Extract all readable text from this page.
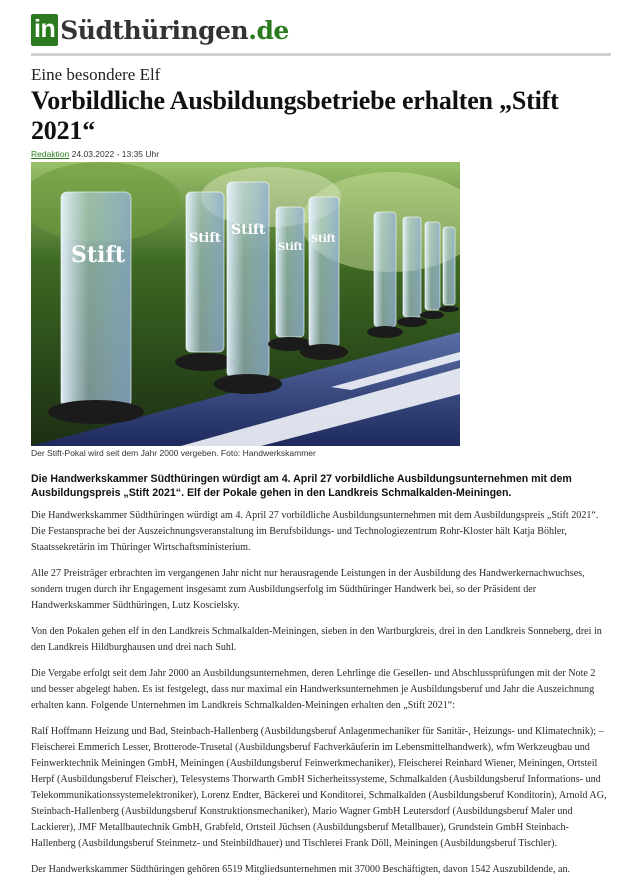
in Südthüringen .de
Eine besondere Elf
Vorbildliche Ausbildungsbetriebe erhalten „Stift 2021“
Redaktion 24.03.2022 - 13:35 Uhr
Stift
Stift
Stift
Stift
Stift
Der Stift-Pokal wird seit dem Jahr 2000 vergeben. Foto: Handwerkskammer
Die Handwerkskammer Südthüringen würdigt am 4. April 27 vorbildliche Ausbildungsunternehmen mit dem Ausbildungspreis „Stift 2021“. Elf der Pokale gehen in den Landkreis Schmalkalden-Meiningen.

Die Handwerkskammer Südthüringen würdigt am 4. April 27 vorbildliche Ausbildungsunternehmen mit dem Ausbildungspreis „Stift 2021“. Die Festansprache bei der Auszeichnungsveranstaltung im Berufsbildungs- und Technologiezentrum Rohr-Kloster hält Katja Böhler, Staatssekretärin im Thüringer Wirtschaftsministerium.

Alle 27 Preisträger erbrachten im vergangenen Jahr nicht nur herausragende Leistungen in der Ausbildung des Handwerkernachwuchses, sondern trugen durch ihr Engagement insgesamt zum Ausbildungserfolg im Südthüringer Handwerk bei, so der Präsident der Handwerkskammer Südthüringen, Lutz Koscielsky.

Von den Pokalen gehen elf in den Landkreis Schmalkalden-Meiningen, sieben in den Wartburgkreis, drei in den Landkreis Sonneberg, drei in den Landkreis Hildburghausen und drei nach Suhl.

Die Vergabe erfolgt seit dem Jahr 2000 an Ausbildungsunternehmen, deren Lehrlinge die Gesellen- und Abschlussprüfungen mit der Note 2 und besser abgelegt haben. Es ist festgelegt, dass nur maximal ein Handwerksunternehmen je Ausbildungsberuf und Jahr die Auszeichnung erhalten kann. Folgende Unternehmen im Landkreis Schmalkalden-Meiningen erhalten den „Stift 2021“:

Ralf Hoffmann Heizung und Bad, Steinbach-Hallenberg (Ausbildungsberuf Anlagenmechaniker für Sanitär-, Heizungs- und Klimatechnik); – Fleischerei Emmerich Lesser, Brotterode-Trusetal (Ausbildungsberuf Fachverkäuferin im Lebensmittelhandwerk), wfm Werkzeugbau und Feinwerktechnik Meiningen GmbH, Meiningen (Ausbildungsberuf Feinwerkmechaniker), Fleischerei Reinhard Wiener, Meiningen, Ortsteil Herpf (Ausbildungsberuf Fleischer), Telesystems Thorwarth GmbH Sicherheitssysteme, Schmalkalden (Ausbildungsberuf Informations- und Telekommunikationssystemelektroniker), Lorenz Endter, Bäckerei und Konditorei, Schmalkalden (Ausbildungsberuf Konditorin), Arnold AG, Steinbach-Hallenberg (Ausbildungsberuf Konstruktionsmechaniker), Mario Wagner GmbH Leutersdorf (Ausbildungsberuf Maler und Lackierer), JMF Metallbautechnik GmbH, Grabfeld, Ortsteil Jüchsen (Ausbildungsberuf Metallbauer), Grundstein GmbH Steinbach-Hallenberg (Ausbildungsberuf Steinmetz- und Steinbildhauer) und Tischlerei Frank Döll, Meiningen (Ausbildungsberuf Tischler).

Der Handwerkskammer Südthüringen gehören 6519 Mitgliedsunternehmen mit 37000 Beschäftigten, davon 1542 Auszubildende, an.
